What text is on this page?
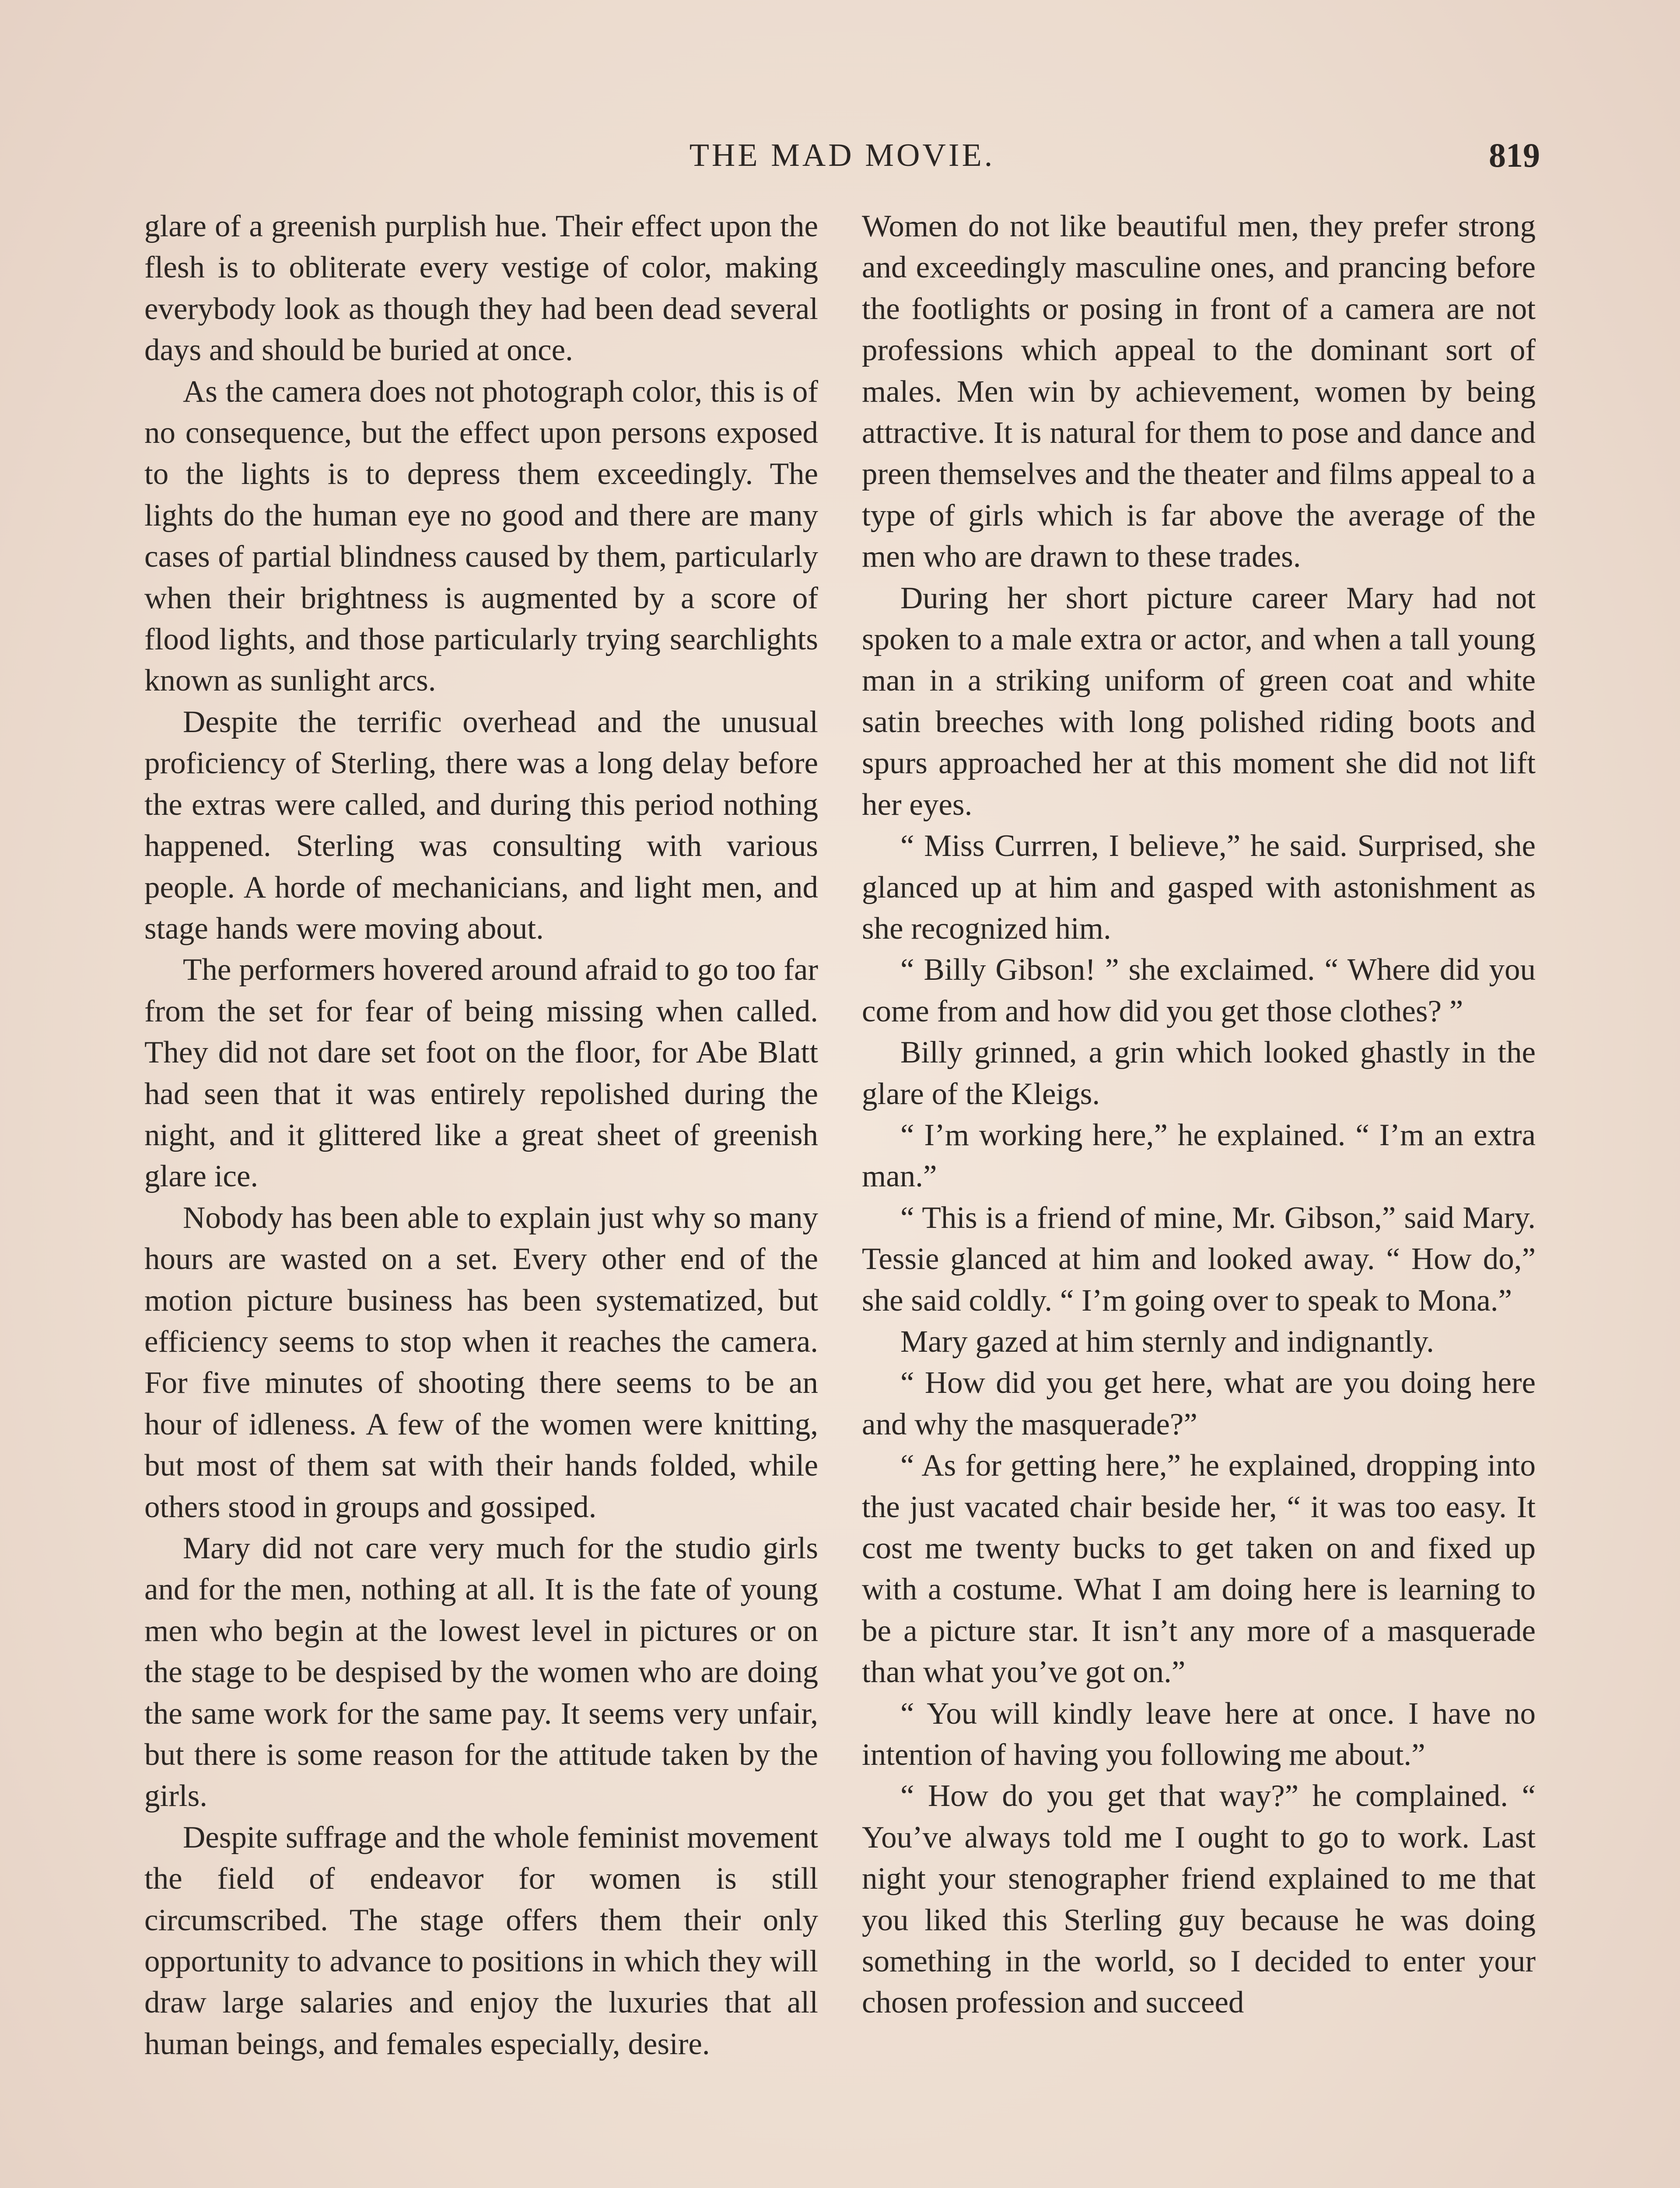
THE MAD MOVIE.	819

glare of a greenish purplish hue. Their effect upon the flesh is to obliterate every vestige of color, making everybody look as though they had been dead several days and should be buried at once.

As the camera does not photograph color, this is of no consequence, but the effect upon persons exposed to the lights is to depress them exceedingly. The lights do the human eye no good and there are many cases of partial blindness caused by them, particularly when their brightness is augmented by a score of flood lights, and those particularly trying searchlights known as sunlight arcs.

Despite the terrific overhead and the unusual proficiency of Sterling, there was a long delay before the extras were called, and during this period nothing happened. Sterling was consulting with various people. A horde of mechanicians, and light men, and stage hands were moving about.

The performers hovered around afraid to go too far from the set for fear of being missing when called. They did not dare set foot on the floor, for Abe Blatt had seen that it was entirely repolished during the night, and it glittered like a great sheet of greenish glare ice.

Nobody has been able to explain just why so many hours are wasted on a set. Every other end of the motion picture business has been systematized, but efficiency seems to stop when it reaches the camera. For five minutes of shooting there seems to be an hour of idleness. A few of the women were knitting, but most of them sat with their hands folded, while others stood in groups and gossiped.

Mary did not care very much for the studio girls and for the men, nothing at all. It is the fate of young men who begin at the lowest level in pictures or on the stage to be despised by the women who are doing the same work for the same pay. It seems very unfair, but there is some reason for the attitude taken by the girls.

Despite suffrage and the whole feminist movement the field of endeavor for women is still circumscribed. The stage offers them their only opportunity to advance to positions in which they will draw large salaries and enjoy the luxuries that all human beings, and females especially, desire.

Women do not like beautiful men, they prefer strong and exceedingly masculine ones, and prancing before the footlights or posing in front of a camera are not professions which appeal to the dominant sort of males. Men win by achievement, women by being attractive. It is natural for them to pose and dance and preen themselves and the theater and films appeal to a type of girls which is far above the average of the men who are drawn to these trades.

During her short picture career Mary had not spoken to a male extra or actor, and when a tall young man in a striking uniform of green coat and white satin breeches with long polished riding boots and spurs approached her at this moment she did not lift her eyes.

“ Miss Currren, I believe,” he said. Surprised, she glanced up at him and gasped with astonishment as she recognized him.

“ Billy Gibson! ” she exclaimed. “ Where did you come from and how did you get those clothes? ”

Billy grinned, a grin which looked ghastly in the glare of the Kleigs.

“ I’m working here,” he explained. “ I’m an extra man.”

“ This is a friend of mine, Mr. Gibson,” said Mary. Tessie glanced at him and looked away. “ How do,” she said coldly. “ I’m going over to speak to Mona.”

Mary gazed at him sternly and indignantly.

“ How did you get here, what are you doing here and why the masquerade?”

“ As for getting here,” he explained, dropping into the just vacated chair beside her, “ it was too easy. It cost me twenty bucks to get taken on and fixed up with a costume. What I am doing here is learning to be a picture star. It isn’t any more of a masquerade than what you’ve got on.”

“ You will kindly leave here at once. I have no intention of having you following me about.”

“ How do you get that way?” he complained. “ You’ve always told me I ought to go to work. Last night your stenographer friend explained to me that you liked this Sterling guy because he was doing something in the world, so I decided to enter your chosen profession and succeed
